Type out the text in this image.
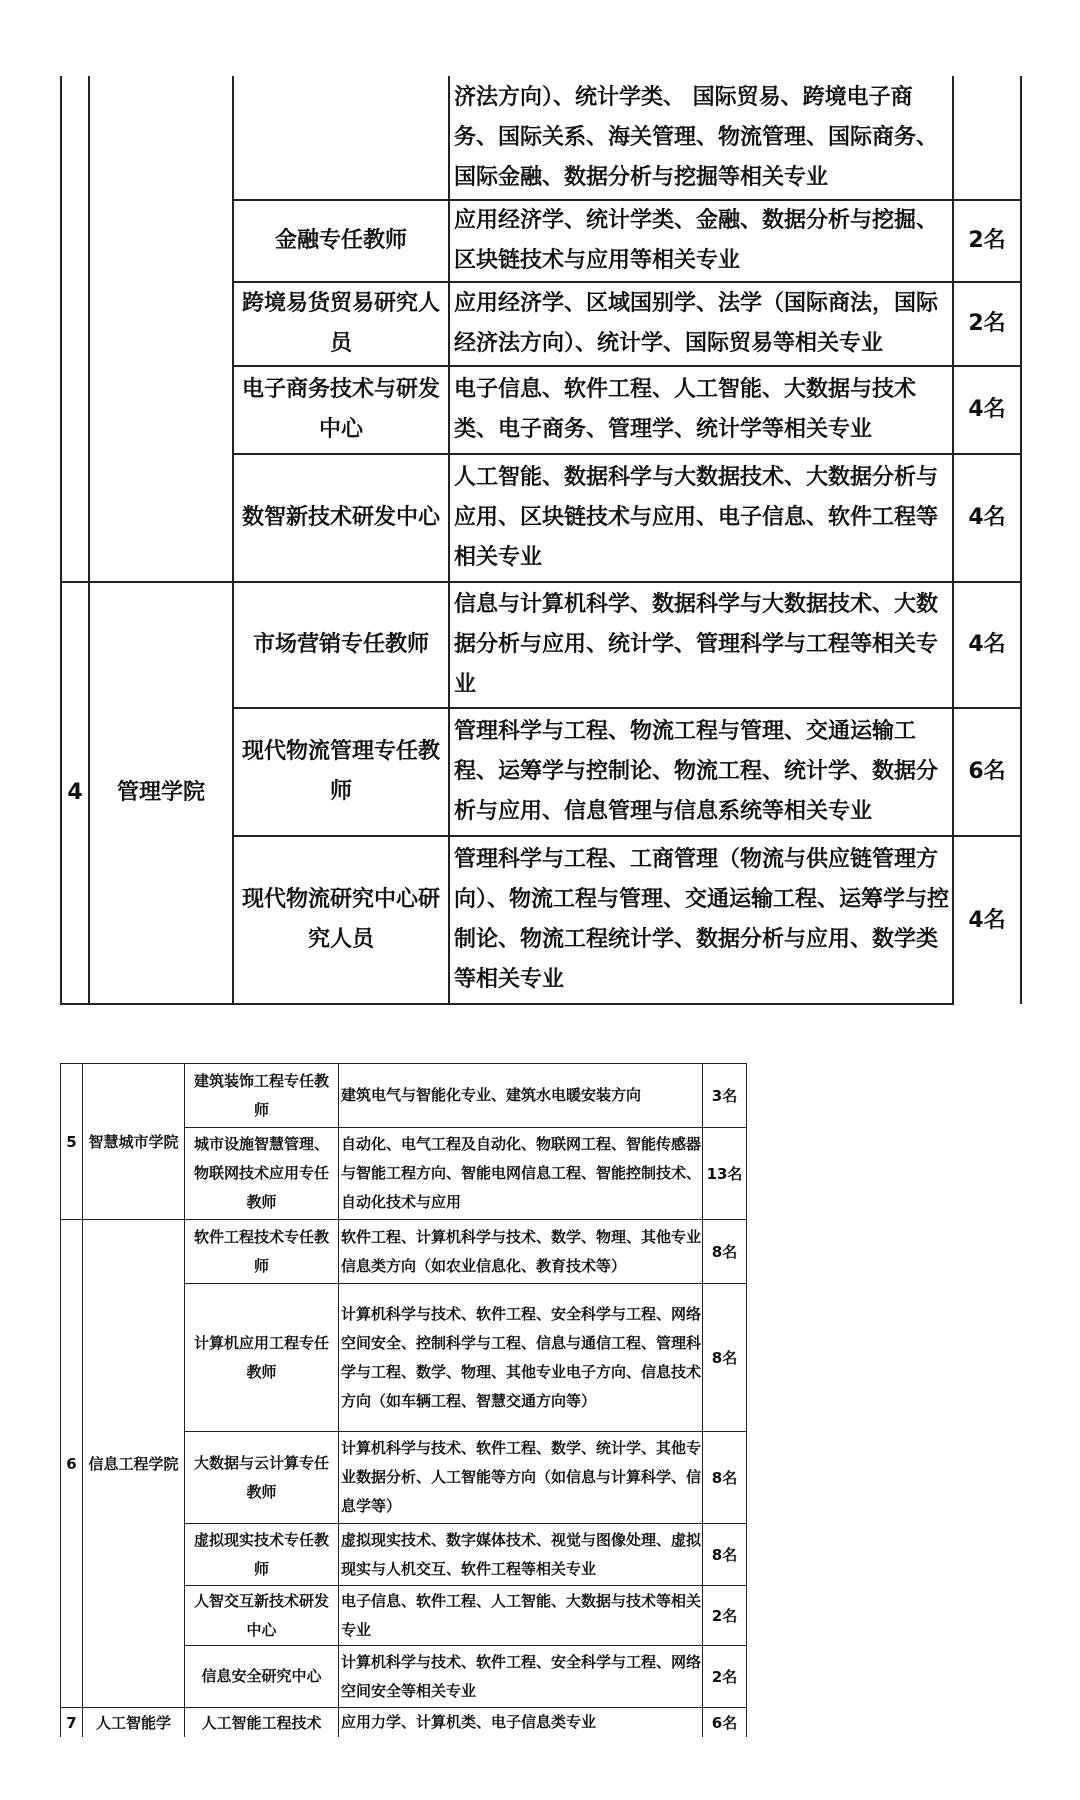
			济法方向）、统计学类、 国际贸易、跨境电子商务、国际关系、海关管理、物流管理、国际商务、国际金融、数据分析与挖掘等相关专业		
		金融专任教师	应用经济学、统计学类、金融、数据分析与挖掘、区块链技术与应用等相关专业	2名	
		跨境易货贸易研究人员	应用经济学、区域国别学、法学（国际商法，国际经济法方向）、统计学、国际贸易等相关专业	2名	
		电子商务技术与研发中心	电子信息、软件工程、人工智能、大数据与技术类、电子商务、管理学、统计学等相关专业	4名	
		数智新技术研发中心	人工智能、数据科学与大数据技术、大数据分析与应用、区块链技术与应用、电子信息、软件工程等相关专业	4名	
4	管理学院	市场营销专任教师	信息与计算机科学、数据科学与大数据技术、大数据分析与应用、统计学、管理科学与工程等相关专业	4名	
		现代物流管理专任教师	管理科学与工程、物流工程与管理、交通运输工程、运筹学与控制论、物流工程、统计学、数据分析与应用、信息管理与信息系统等相关专业	6名	
		现代物流研究中心研究人员	管理科学与工程、工商管理（物流与供应链管理方向）、物流工程与管理、交通运输工程、运筹学与控制论、物流工程统计学、数据分析与应用、数学类等相关专业	4名	
5	智慧城市学院	建筑装饰工程专任教师	建筑电气与智能化专业、建筑水电暖安装方向	3名
		城市设施智慧管理、物联网技术应用专任教师	自动化、电气工程及自动化、物联网工程、智能传感器与智能工程方向、智能电网信息工程、智能控制技术、自动化技术与应用	13名
6	信息工程学院	软件工程技术专任教师	软件工程、计算机科学与技术、数学、物理、其他专业信息类方向（如农业信息化、教育技术等）	8名
		计算机应用工程专任教师	计算机科学与技术、软件工程、安全科学与工程、网络空间安全、控制科学与工程、信息与通信工程、管理科学与工程、数学、物理、其他专业电子方向、信息技术方向（如车辆工程、智慧交通方向等）	8名
		大数据与云计算专任教师	计算机科学与技术、软件工程、数学、统计学、其他专业数据分析、人工智能等方向（如信息与计算科学、信息学等）	8名
		虚拟现实技术专任教师	虚拟现实技术、数字媒体技术、视觉与图像处理、虚拟现实与人机交互、软件工程等相关专业	8名
		人智交互新技术研发中心	电子信息、软件工程、人工智能、大数据与技术等相关专业	2名
		信息安全研究中心	计算机科学与技术、软件工程、安全科学与工程、网络空间安全等相关专业	2名
7	人工智能学	人工智能工程技术	应用力学、计算机类、电子信息类专业	6名
